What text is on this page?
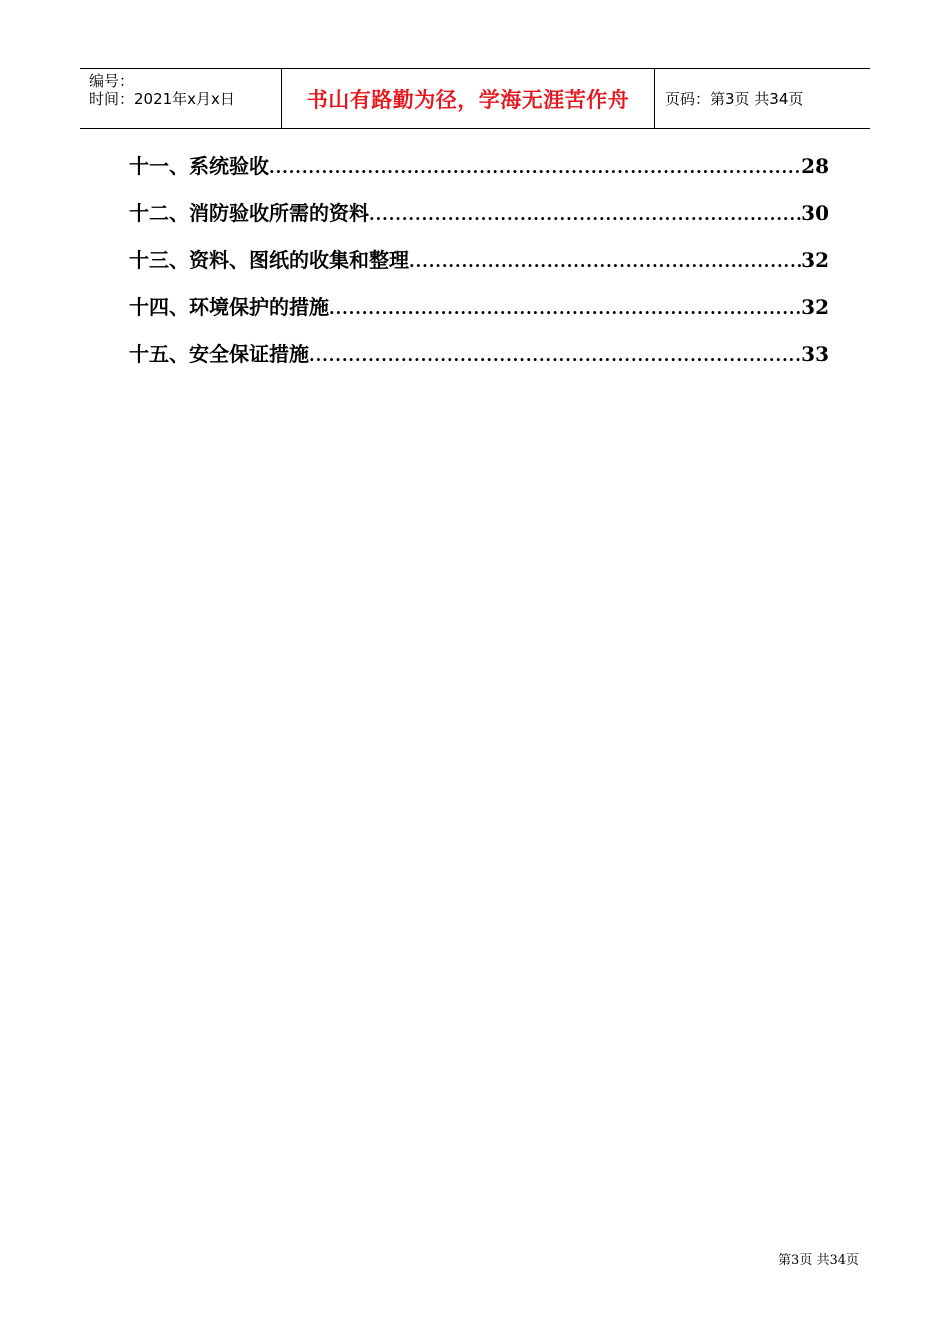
编号：
时间：2021年x月x日	书山有路勤为径，学海无涯苦作舟 页码：第3页 共34页
十一、系统验收 .....	28
十二、消防验收所需的资料 .....	30
十三、资料、图纸的收集和整理 .....	32
十四、环境保护的措施 .....	32
十五、安全保证措施 .....	33
第3页 共34页
